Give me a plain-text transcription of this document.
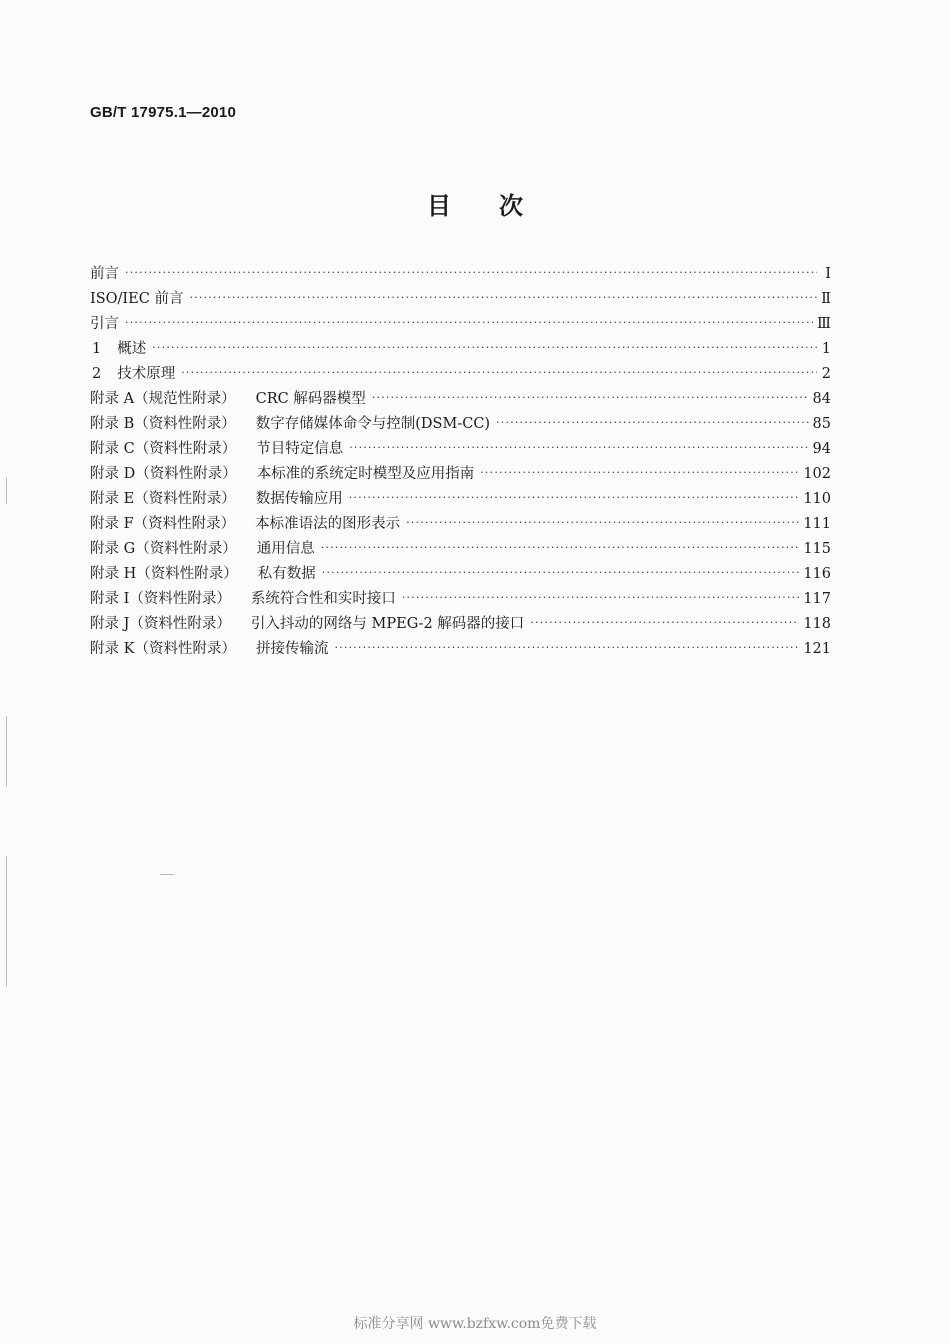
GB/T 17975.1—2010
目次
前言 ·····	Ⅰ
ISO/IEC 前言 ·····	Ⅱ
引言 ·····	Ⅲ
1 概述 ·····	1
2 技术原理 ·····	2
附录 A（规范性附录） CRC 解码器模型 ·····	84
附录 B（资料性附录） 数字存储媒体命令与控制(DSM-CC) ·····	85
附录 C（资料性附录） 节目特定信息 ·····	94
附录 D（资料性附录） 本标准的系统定时模型及应用指南 ·····	102
附录 E（资料性附录） 数据传输应用 ·····	110
附录 F（资料性附录） 本标准语法的图形表示 ·····	111
附录 G（资料性附录） 通用信息 ·····	115
附录 H（资料性附录） 私有数据 ·····	116
附录 I（资料性附录） 系统符合性和实时接口 ·····	117
附录 J（资料性附录） 引入抖动的网络与 MPEG-2 解码器的接口 ·····	118
附录 K（资料性附录） 拼接传输流 ·····	121
标准分享网 www.bzfxw.com免费下载
